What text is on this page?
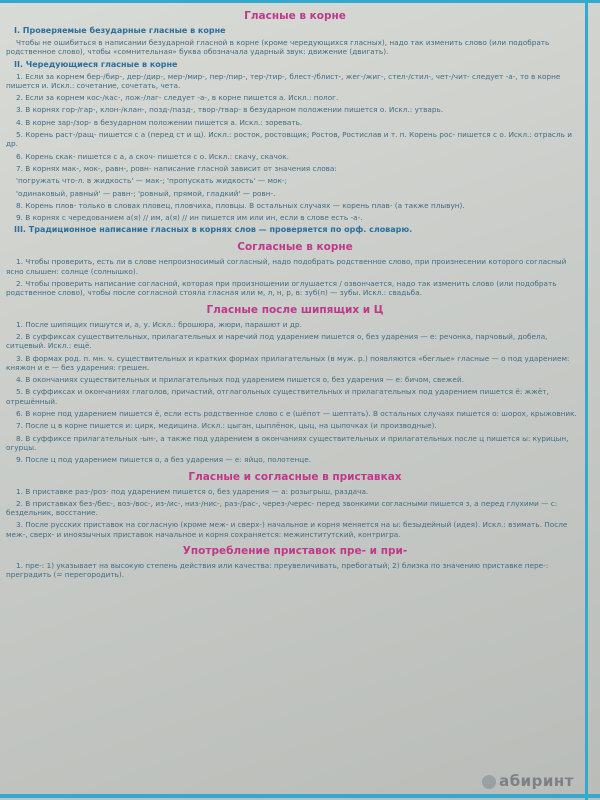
Гласные в корне
I. Проверяемые безударные гласные в корне

Чтобы не ошибиться в написании безударной гласной в корне (кроме чередующихся гласных), надо так изменить слово (или подобрать родственное слово), чтобы «сомнительная» буква обозначала ударный звук: движение (двигать).

II. Чередующиеся гласные в корне

1. Если за корнем бер-/бир-, дер-/дир-, мер-/мир-, пер-/пир-, тер-/тир-, блест-/блист-, жег-/жиг-, стел-/стил-, чет-/чит- следует -а-, то в корне пишется и. Искл.: сочетание, сочетать, чета.

2. Если за корнем кос-/кас-, лож-/лаг- следует -а-, в корне пишется а. Искл.: полог.

3. В корнях гор-/гар-, клон-/клан-, позд-/пазд-, твор-/твар- в безударном положении пишется о. Искл.: утварь.

4. В корне зар-/зор- в безударном положении пишется а. Искл.: зоревать.

5. Корень раст-/ращ- пишется с а (перед ст и щ). Искл.: росток, ростовщик; Ростов, Ростислав и т. п. Корень рос- пишется с о. Искл.: отрасль и др.

6. Корень скак- пишется с а, а скоч- пишется с о. Искл.: скачу, скачок.

7. В корнях мак-, мок-, равн-, ровн- написание гласной зависит от значения слова:

'погружать что-л. в жидкость' — мак-; 'пропускать жидкость' — мок-;

'одинаковый, равный' — равн-; 'ровный, прямой, гладкий' — ровн-.

8. Корень плов- только в словах пловец, пловчиха, пловцы. В остальных случаях — корень плав- (а также плывун).

9. В корнях с чередованием а(я) // им, а(я) // ин пишется им или ин, если в слове есть -а-.

III. Традиционное написание гласных в корнях слов — проверяется по орф. словарю.
Согласные в корне

1. Чтобы проверить, есть ли в слове непроизносимый согласный, надо подобрать родственное слово, при произнесении которого согласный ясно слышен: солнце (солнышко).

2. Чтобы проверить написание согласной, которая при произношении оглушается / озвончается, надо так изменить слово (или подобрать родственное слово), чтобы после согласной стояла гласная или м, л, н, р, в: зуб(п) — зубы. Искл.: свадьба.

Гласные после шипящих и Ц

1. После шипящих пишутся и, а, у. Искл.: брошюра, жюри, парашют и др.

2. В суффиксах существительных, прилагательных и наречий под ударением пишется о, без ударения — е: речонка, парчовый, добела, ситцевый. Искл.: ещё.

3. В формах род. п. мн. ч. существительных и кратких формах прилагательных (в муж. р.) появляются «беглые» гласные — о под ударением: княжон и е — без ударения: грешен.

4. В окончаниях существительных и прилагательных под ударением пишется о, без ударения — е: бичом, свежей.

5. В суффиксах и окончаниях глаголов, причастий, отглагольных существительных и прилагательных под ударением пишется ё: жжёт, отрешённый.

6. В корне под ударением пишется ё, если есть родственное слово с е (шёпот — шептать). В остальных случаях пишется о: шорох, крыжовник.

7. После ц в корне пишется и: цирк, медицина. Искл.: цыган, цыплёнок, цыц, на цыпочках (и производные).

8. В суффиксе прилагательных -ын-, а также под ударением в окончаниях существительных и прилагательных после ц пишется ы: курицын, огурцы.

9. После ц под ударением пишется о, а без ударения — е: яйцо, полотенце.

Гласные и согласные в приставках

1. В приставке раз-/роз- под ударением пишется о, без ударения — а: розыгрыш, раздача.

2. В приставках без-/бес-, воз-/вос-, из-/ис-, низ-/нис-, раз-/рас-, через-/черес- перед звонкими согласными пишется з, а перед глухими — с: бездельник, восстание.

3. После русских приставок на согласную (кроме меж- и сверх-) начальное и корня меняется на ы: безыдейный (идея). Искл.: взимать. После меж-, сверх- и иноязычных приставок начальное и корня сохраняется: межинститутский, контригра.

Употребление приставок пре- и при-

1. пре-: 1) указывает на высокую степень действия или качества: преувеличивать, пребогатый; 2) близка по значению приставке пере-: преградить (= перегородить).

абиринт
